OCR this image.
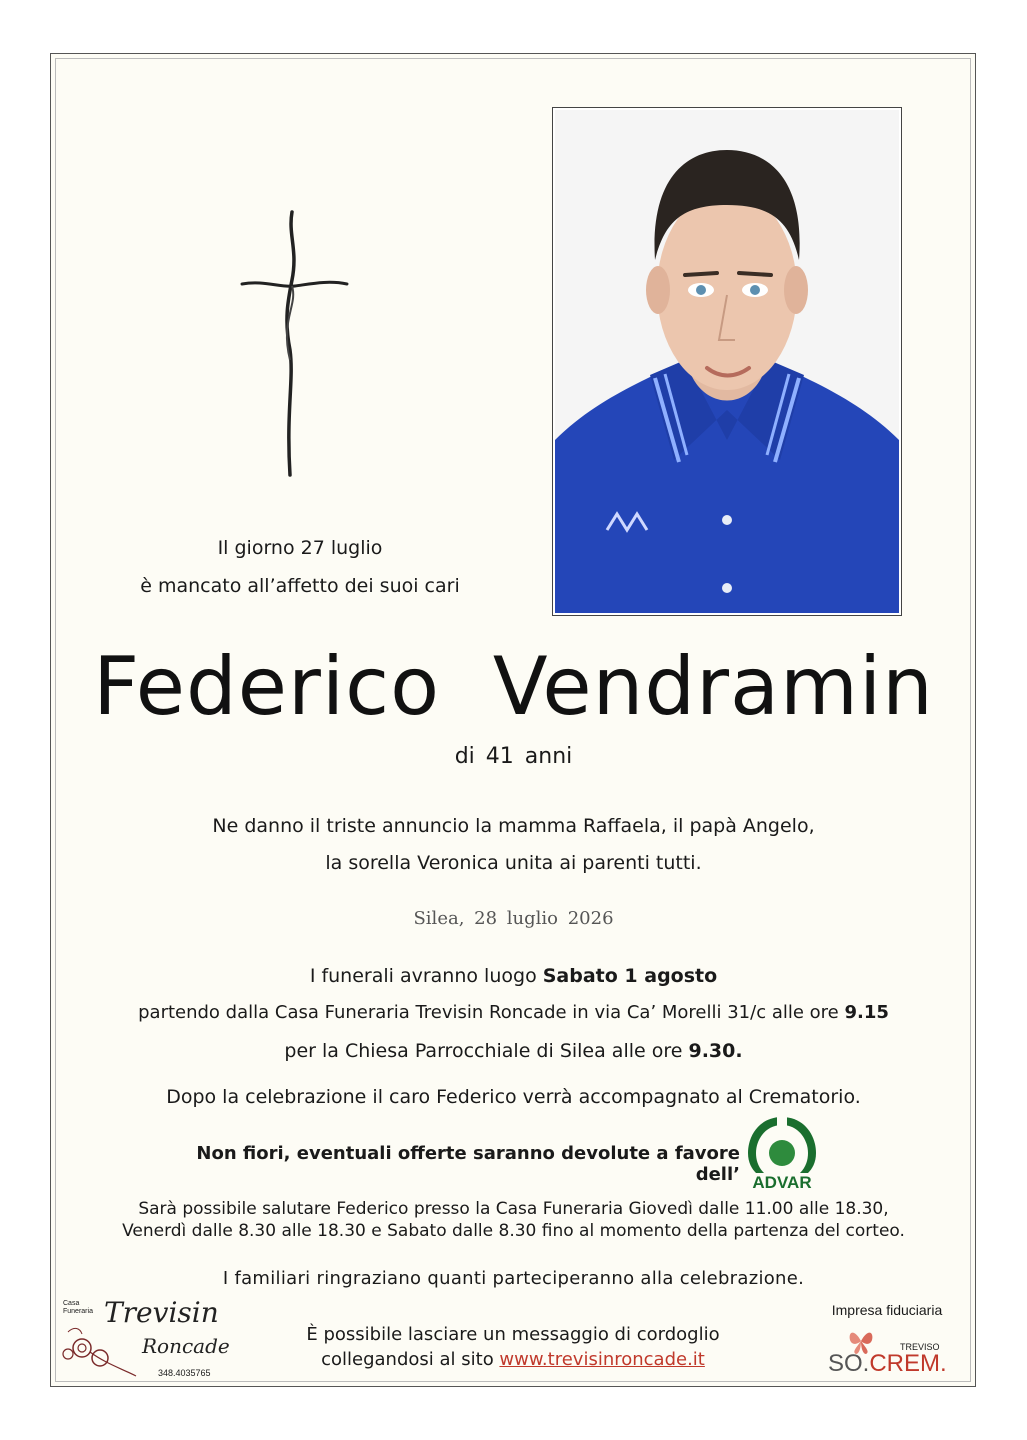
Il giorno 27 luglio
è mancato all’affetto dei suoi cari
Federico  Vendramin
di 41 anni
Ne danno il triste annuncio la mamma Raffaela, il papà Angelo,
la sorella Veronica unita ai parenti tutti.
Silea, 28 luglio 2026
I funerali avranno luogo Sabato 1 agosto
partendo dalla Casa Funeraria Trevisin Roncade in via Ca’ Morelli 31/c alle ore 9.15
per la Chiesa Parrocchiale di Silea alle ore 9.30.
Dopo la celebrazione il caro Federico verrà accompagnato al Crematorio.
Non fiori, eventuali offerte saranno devolute a favore dell’ ADVAR
Sarà possibile salutare Federico presso la Casa Funeraria Giovedì dalle 11.00 alle 18.30,
Venerdì dalle 8.30 alle 18.30 e Sabato dalle 8.30 fino al momento della partenza del corteo.
I familiari ringraziano quanti parteciperanno alla celebrazione.
Casa
Funeraria Trevisin
Roncade
348.4035765
È possibile lasciare un messaggio di cordoglio
collegandosi al sito www.trevisinroncade.it
Impresa fiduciaria
TREVISO
SO.CREM.
